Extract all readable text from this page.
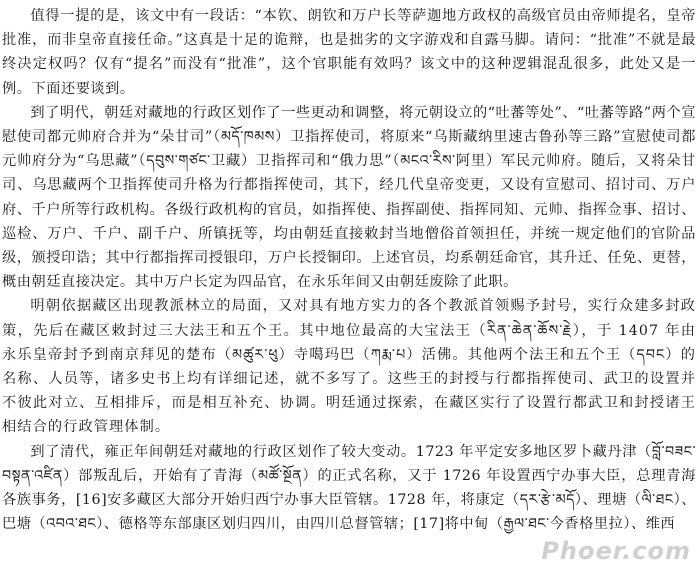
值得一提的是，该文中有一段话：“本钦、朗钦和万户长等萨迦地方政权的高级官员由帝师提名，皇帝批准，而非皇帝直接任命。”这真是十足的诡辩，也是拙劣的文字游戏和自露马脚。请问：“批准”不就是最终决定权吗？仅有“提名”而没有“批准”，这个官职能有效吗？该文中的这种逻辑混乱很多，此处又是一例。下面还要谈到。

到了明代，朝廷对藏地的行政区划作了一些更动和调整，将元朝设立的“吐蕃等处”、“吐蕃等路”两个宣慰使司都元帅府合并为“朵甘司”（མདོ་ཁམས）卫指挥使司，将原来“乌斯藏纳里速古鲁孙等三路”宣慰使司都元帅府分为“乌思藏”（དབུས་གཙང་卫藏）卫指挥司和“俄力思”（མངའ་རིས་阿里）军民元帅府。随后，又将朵甘司、乌思藏两个卫指挥使司升格为行都指挥使司，其下，经几代皇帝变更，又设有宣慰司、招讨司、万户府、千户所等行政机构。各级行政机构的官员，如指挥使、指挥副使、指挥同知、元帅、指挥佥事、招讨、巡检、万户、千户、副千户、所镇抚等，均由朝廷直接敕封当地僧俗首领担任，并统一规定他们的官阶品级，颁授印诰；其中行都指挥司授银印，万户长授铜印。上述官员，均系朝廷命官，其升迁、任免、更替，概由朝廷直接决定。其中万户长定为四品官，在永乐年间又由朝廷废除了此职。

明朝依据藏区出现教派林立的局面，又对具有地方实力的各个教派首领赐予封号，实行众建多封政策，先后在藏区敕封过三大法王和五个王。其中地位最高的大宝法王（རིན་ཆེན་ཆོས་རྗེ），于 1407 年由永乐皇帝封予到南京拜见的楚布（མཚུར་ཕུ）寺噶玛巴（ཀརྨ་པ）活佛。其他两个法王和五个王（དབང）的名称、人员等，诸多史书上均有详细记述，就不多写了。这些王的封授与行都指挥使司、武卫的设置并不彼此对立、互相排斥，而是相互补充、协调。明廷通过探索，在藏区实行了设置行都武卫和封授诸王相结合的行政管理体制。

到了清代，雍正年间朝廷对藏地的行政区划作了较大变动。1723 年平定安多地区罗卜藏丹津（བློ་བཟང་བསྟན་འཛིན）部叛乱后，开始有了青海（མཚོ་སྔོན）的正式名称，又于 1726 年设置西宁办事大臣，总理青海各族事务，[16]安多藏区大部分开始归西宁办事大臣管辖。1728 年，将康定（དར་རྩེ་མདོ）、理塘（ལི་ཐང）、巴塘（འབའ་ཐང）、德格等东部康区划归四川，由四川总督管辖；[17]将中甸（རྒྱལ་ཐང་今香格里拉）、维西

Phoer.com
